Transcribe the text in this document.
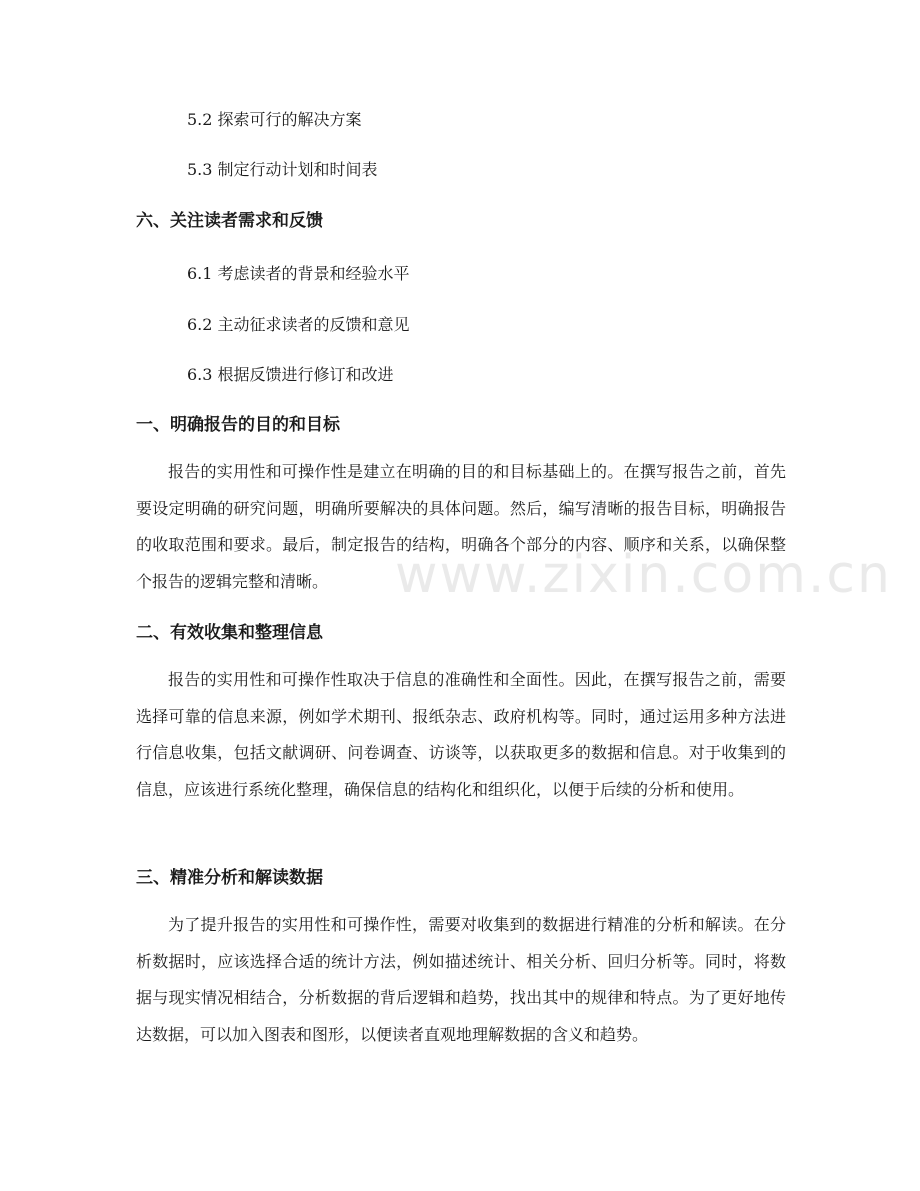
5.2 探索可行的解决方案
5.3 制定行动计划和时间表
六、关注读者需求和反馈
6.1 考虑读者的背景和经验水平
6.2 主动征求读者的反馈和意见
6.3 根据反馈进行修订和改进
一、明确报告的目的和目标

报告的实用性和可操作性是建立在明确的目的和目标基础上的。在撰写报告之前，首先要设定明确的研究问题，明确所要解决的具体问题。然后，编写清晰的报告目标，明确报告的收取范围和要求。最后，制定报告的结构，明确各个部分的内容、顺序和关系，以确保整个报告的逻辑完整和清晰。

二、有效收集和整理信息

报告的实用性和可操作性取决于信息的准确性和全面性。因此，在撰写报告之前，需要选择可靠的信息来源，例如学术期刊、报纸杂志、政府机构等。同时，通过运用多种方法进行信息收集，包括文献调研、问卷调查、访谈等，以获取更多的数据和信息。对于收集到的信息，应该进行系统化整理，确保信息的结构化和组织化，以便于后续的分析和使用。

三、精准分析和解读数据

为了提升报告的实用性和可操作性，需要对收集到的数据进行精准的分析和解读。在分析数据时，应该选择合适的统计方法，例如描述统计、相关分析、回归分析等。同时，将数据与现实情况相结合，分析数据的背后逻辑和趋势，找出其中的规律和特点。为了更好地传达数据，可以加入图表和图形，以便读者直观地理解数据的含义和趋势。

www.zixin.com.cn
